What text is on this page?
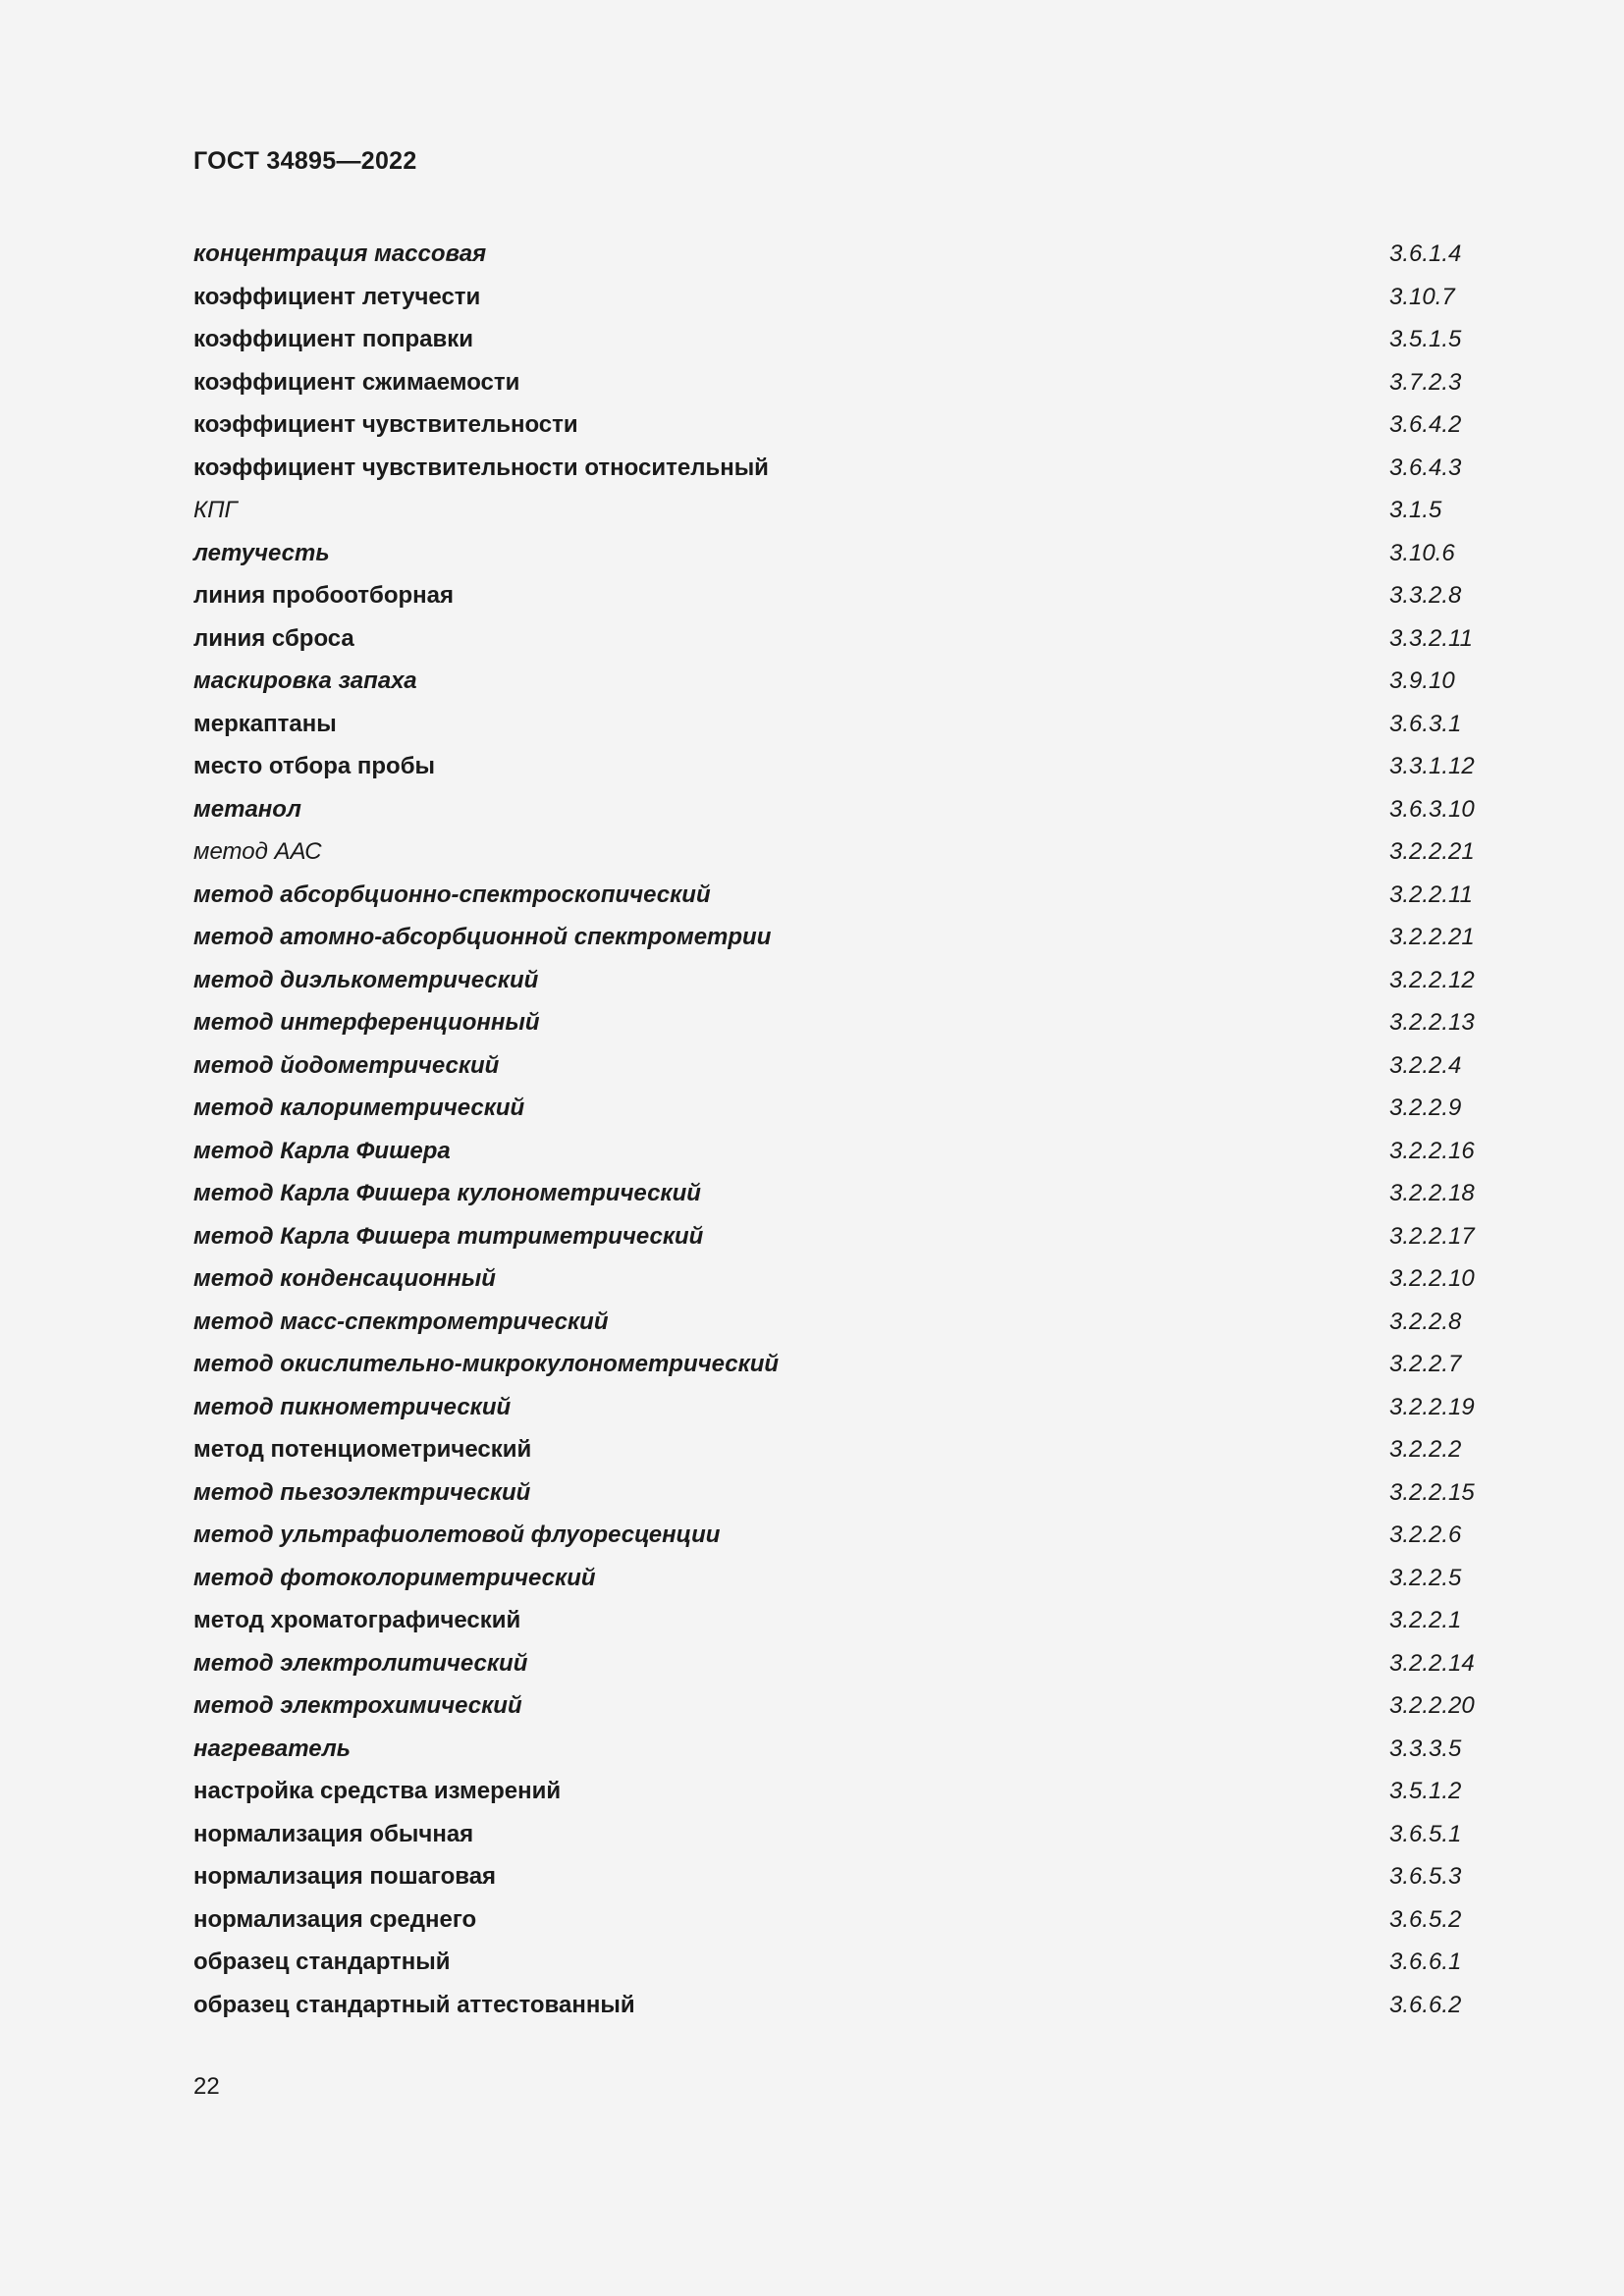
ГОСТ 34895—2022
концентрация массовая	3.6.1.4
коэффициент летучести	3.10.7
коэффициент поправки	3.5.1.5
коэффициент сжимаемости	3.7.2.3
коэффициент чувствительности	3.6.4.2
коэффициент чувствительности относительный	3.6.4.3
КПГ	3.1.5
летучесть	3.10.6
линия пробоотборная	3.3.2.8
линия сброса	3.3.2.11
маскировка запаха	3.9.10
меркаптаны	3.6.3.1
место отбора пробы	3.3.1.12
метанол	3.6.3.10
метод ААС	3.2.2.21
метод абсорбционно-спектроскопический	3.2.2.11
метод атомно-абсорбционной спектрометрии	3.2.2.21
метод диэлькометрический	3.2.2.12
метод интерференционный	3.2.2.13
метод йодометрический	3.2.2.4
метод калориметрический	3.2.2.9
метод Карла Фишера	3.2.2.16
метод Карла Фишера кулонометрический	3.2.2.18
метод Карла Фишера титриметрический	3.2.2.17
метод конденсационный	3.2.2.10
метод масс-спектрометрический	3.2.2.8
метод окислительно-микрокулонометрический	3.2.2.7
метод пикнометрический	3.2.2.19
метод потенциометрический	3.2.2.2
метод пьезоэлектрический	3.2.2.15
метод ультрафиолетовой флуоресценции	3.2.2.6
метод фотоколориметрический	3.2.2.5
метод хроматографический	3.2.2.1
метод электролитический	3.2.2.14
метод электрохимический	3.2.2.20
нагреватель	3.3.3.5
настройка средства измерений	3.5.1.2
нормализация обычная	3.6.5.1
нормализация пошаговая	3.6.5.3
нормализация среднего	3.6.5.2
образец стандартный	3.6.6.1
образец стандартный аттестованный	3.6.6.2
22
